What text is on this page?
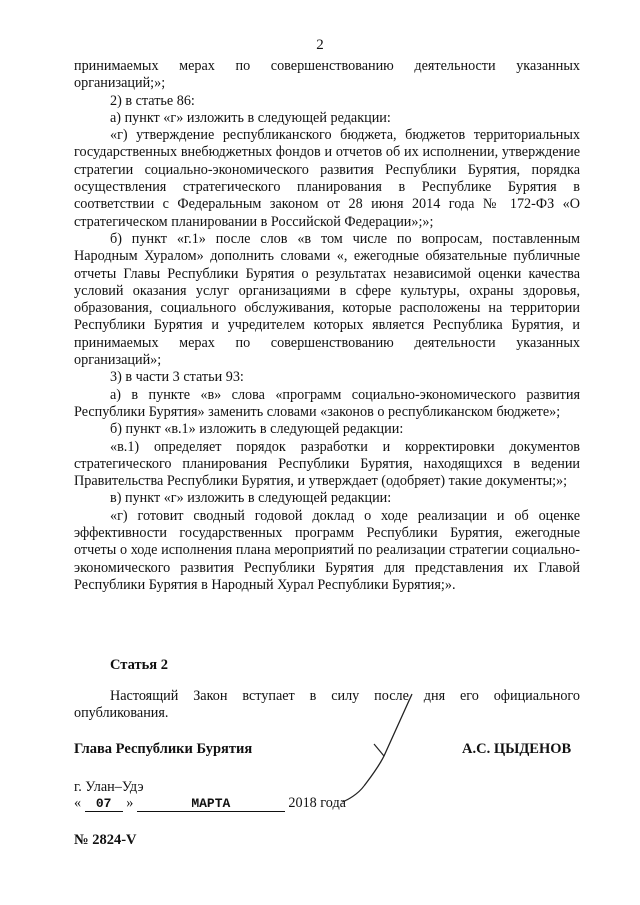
2

принимаемых мерах по совершенствованию деятельности указанных организаций;»;

2) в статье 86:

а) пункт «г» изложить в следующей редакции:

«г) утверждение республиканского бюджета, бюджетов территориальных государственных внебюджетных фондов и отчетов об их исполнении, утверждение стратегии социально-экономического развития Республики Бурятия, порядка осуществления стратегического планирования в Республике Бурятия в соответствии с Федеральным законом от 28 июня 2014 года № 172-ФЗ «О стратегическом планировании в Российской Федерации»;»;

б) пункт «г.1» после слов «в том числе по вопросам, поставленным Народным Хуралом» дополнить словами «, ежегодные обязательные публичные отчеты Главы Республики Бурятия о результатах независимой оценки качества условий оказания услуг организациями в сфере культуры, охраны здоровья, образования, социального обслуживания, которые расположены на территории Республики Бурятия и учредителем которых является Республика Бурятия, и принимаемых мерах по совершенствованию деятельности указанных организаций»;

3) в части 3 статьи 93:

а) в пункте «в» слова «программ социально-экономического развития Республики Бурятия» заменить словами «законов о республиканском бюджете»;

б) пункт «в.1» изложить в следующей редакции:

«в.1) определяет порядок разработки и корректировки документов стратегического планирования Республики Бурятия, находящихся в ведении Правительства Республики Бурятия, и утверждает (одобряет) такие документы;»;

в) пункт «г» изложить в следующей редакции:

«г) готовит сводный годовой доклад о ходе реализации и об оценке эффективности государственных программ Республики Бурятия, ежегодные отчеты о ходе исполнения плана мероприятий по реализации стратегии социально-экономического развития Республики Бурятия для представления их Главой Республики Бурятия в Народный Хурал Республики Бурятия;».

Статья 2

Настоящий Закон вступает в силу после дня его официального опубликования.

Глава Республики Бурятия	А.С. ЦЫДЕНОВ
г. Улан–Удэ
« 07 »	МАРТА	2018 года
№ 2824-V
